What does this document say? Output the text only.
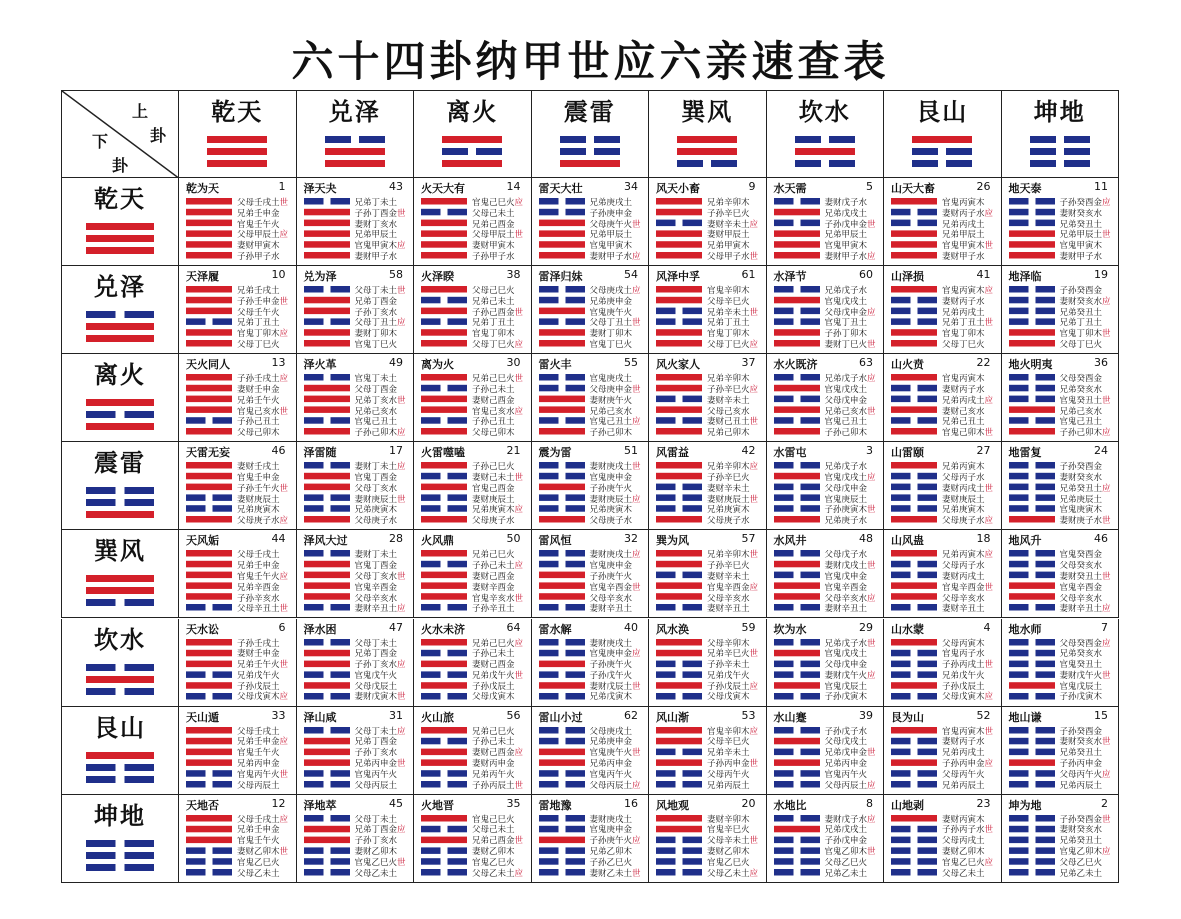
六十四卦纳甲世应六亲速查表
上
卦
下
卦
乾天	兑泽	离火	震雷	巽风	坎水	艮山	坤地
乾天	乾为天	1
父母壬戌土世
兄弟壬申金
官鬼壬午火
父母甲辰土应
妻财甲寅木
子孙甲子水
泽天夬	43
兄弟丁未土
子孙丁酉金世
妻财丁亥水
兄弟甲辰土
官鬼甲寅木应
妻财甲子水
火天大有	14
官鬼己巳火应
父母己未土
兄弟己酉金
父母甲辰土世
妻财甲寅木
子孙甲子水
雷天大壮	34
兄弟庚戌土
子孙庚申金
父母庚午火世
兄弟甲辰土
官鬼甲寅木
妻财甲子水应
风天小畜	9
兄弟辛卯木
子孙辛巳火
妻财辛未土应
妻财甲辰土
兄弟甲寅木
父母甲子水世
水天需	5
妻财戊子水
兄弟戊戌土
子孙戊申金世
兄弟甲辰土
官鬼甲寅木
妻财甲子水应
山天大畜	26
官鬼丙寅木
妻财丙子水应
兄弟丙戌土
兄弟甲辰土
官鬼甲寅木世
妻财甲子水
地天泰	11
子孙癸酉金应
妻财癸亥水
兄弟癸丑土
兄弟甲辰土世
官鬼甲寅木
妻财甲子水
兑泽	天泽履	10
兄弟壬戌土
子孙壬申金世
父母壬午火
兄弟丁丑土
官鬼丁卯木应
父母丁巳火
兑为泽	58
父母丁未土世
兄弟丁酉金
子孙丁亥水
父母丁丑土应
妻财丁卯木
官鬼丁巳火
火泽睽	38
父母己巳火
兄弟己未土
子孙己酉金世
兄弟丁丑土
官鬼丁卯木
父母丁巳火应
雷泽归妹	54
父母庚戌土应
兄弟庚申金
官鬼庚午火
父母丁丑土世
妻财丁卯木
官鬼丁巳火
风泽中孚	61
官鬼辛卯木
父母辛巳火
兄弟辛未土世
兄弟丁丑土
官鬼丁卯木
父母丁巳火应
水泽节	60
兄弟戊子水
官鬼戊戌土
父母戊申金应
官鬼丁丑土
子孙丁卯木
妻财丁巳火世
山泽损	41
官鬼丙寅木应
妻财丙子水
兄弟丙戌土
兄弟丁丑土世
官鬼丁卯木
父母丁巳火
地泽临	19
子孙癸酉金
妻财癸亥水应
兄弟癸丑土
兄弟丁丑土
官鬼丁卯木世
父母丁巳火
离火	天火同人	13
子孙壬戌土应
妻财壬申金
兄弟壬午火
官鬼己亥水世
子孙己丑土
父母己卯木
泽火革	49
官鬼丁未土
父母丁酉金
兄弟丁亥水世
兄弟己亥水
官鬼己丑土
子孙己卯木应
离为火	30
兄弟己巳火世
子孙己未土
妻财己酉金
官鬼己亥水应
子孙己丑土
父母己卯木
雷火丰	55
官鬼庚戌土
父母庚申金世
妻财庚午火
兄弟己亥水
官鬼己丑土应
子孙己卯木
风火家人	37
兄弟辛卯木
子孙辛巳火应
妻财辛未土
父母己亥水
妻财己丑土世
兄弟己卯木
水火既济	63
兄弟戊子水应
官鬼戊戌土
父母戊申金
兄弟己亥水世
官鬼己丑土
子孙己卯木
山火贲	22
官鬼丙寅木
妻财丙子水
兄弟丙戌土应
妻财己亥水
兄弟己丑土
官鬼己卯木世
地火明夷	36
父母癸酉金
兄弟癸亥水
官鬼癸丑土世
兄弟己亥水
官鬼己丑土
子孙己卯木应
震雷	天雷无妄	46
妻财壬戌土
官鬼壬申金
子孙壬午火世
妻财庚辰土
兄弟庚寅木
父母庚子水应
泽雷随	17
妻财丁未土应
官鬼丁酉金
父母丁亥水
妻财庚辰土世
兄弟庚寅木
父母庚子水
火雷噬嗑	21
子孙己巳火
妻财己未土世
官鬼己酉金
妻财庚辰土
兄弟庚寅木应
父母庚子水
震为雷	51
妻财庚戌土世
官鬼庚申金
子孙庚午火
妻财庚辰土应
兄弟庚寅木
父母庚子水
风雷益	42
兄弟辛卯木应
子孙辛巳火
妻财辛未土
妻财庚辰土世
兄弟庚寅木
父母庚子水
水雷屯	3
兄弟戊子水
官鬼戊戌土应
父母戊申金
官鬼庚辰土
子孙庚寅木世
兄弟庚子水
山雷颐	27
兄弟丙寅木
父母丙子水
妻财丙戌土世
妻财庚辰土
兄弟庚寅木
父母庚子水应
地雷复	24
子孙癸酉金
妻财癸亥水
兄弟癸丑土应
兄弟庚辰土
官鬼庚寅木
妻财庚子水世
巽风	天风姤	44
父母壬戌土
兄弟壬申金
官鬼壬午火应
兄弟辛酉金
子孙辛亥水
父母辛丑土世
泽风大过	28
妻财丁未土
官鬼丁酉金
父母丁亥水世
官鬼辛酉金
父母辛亥水
妻财辛丑土应
火风鼎	50
兄弟己巳火
子孙己未土应
妻财己酉金
妻财辛酉金
官鬼辛亥水世
子孙辛丑土
雷风恒	32
妻财庚戌土应
官鬼庚申金
子孙庚午火
官鬼辛酉金世
父母辛亥水
妻财辛丑土
巽为风	57
兄弟辛卯木世
子孙辛巳火
妻财辛未土
官鬼辛酉金应
父母辛亥水
妻财辛丑土
水风井	48
父母戊子水
妻财戊戌土世
官鬼戊申金
官鬼辛酉金
父母辛亥水应
妻财辛丑土
山风蛊	18
兄弟丙寅木应
父母丙子水
妻财丙戌土
官鬼辛酉金世
父母辛亥水
妻财辛丑土
地风升	46
官鬼癸酉金
父母癸亥水
妻财癸丑土世
官鬼辛酉金
父母辛亥水
妻财辛丑土应
坎水	天水讼	6
子孙壬戌土
妻财壬申金
兄弟壬午火世
兄弟戊午火
子孙戊辰土
父母戊寅木应
泽水困	47
父母丁未土
兄弟丁酉金
子孙丁亥水应
官鬼戊午火
父母戊辰土
妻财戊寅木世
火水未济	64
兄弟己巳火应
子孙己未土
妻财己酉金
兄弟戊午火世
子孙戊辰土
父母戊寅木
雷水解	40
妻财庚戌土
官鬼庚申金应
子孙庚午火
子孙戊午火
妻财戊辰土世
兄弟戊寅木
风水涣	59
父母辛卯木
兄弟辛巳火世
子孙辛未土
兄弟戊午火
子孙戊辰土应
父母戊寅木
坎为水	29
兄弟戊子水世
官鬼戊戌土
父母戊申金
妻财戊午火应
官鬼戊辰土
子孙戊寅木
山水蒙	4
父母丙寅木
官鬼丙子水
子孙丙戌土世
兄弟戊午火
子孙戊辰土
父母戊寅木应
地水师	7
父母癸酉金应
兄弟癸亥水
官鬼癸丑土
妻财戊午火世
官鬼戊辰土
子孙戊寅木
艮山	天山遁	33
父母壬戌土
兄弟壬申金应
官鬼壬午火
兄弟丙申金
官鬼丙午火世
父母丙辰土
泽山咸	31
父母丁未土应
兄弟丁酉金
子孙丁亥水
兄弟丙申金世
官鬼丙午火
父母丙辰土
火山旅	56
兄弟己巳火
子孙己未土
妻财己酉金应
妻财丙申金
兄弟丙午火
子孙丙辰土世
雷山小过	62
父母庚戌土
兄弟庚申金
官鬼庚午火世
兄弟丙申金
官鬼丙午火
父母丙辰土应
风山渐	53
官鬼辛卯木应
父母辛巳火
兄弟辛未土
子孙丙申金世
父母丙午火
兄弟丙辰土
水山蹇	39
子孙戊子水
父母戊戌土
兄弟戊申金世
兄弟丙申金
官鬼丙午火
父母丙辰土应
艮为山	52
官鬼丙寅木世
妻财丙子水
兄弟丙戌土
子孙丙申金应
父母丙午火
兄弟丙辰土
地山谦	15
子孙癸酉金
妻财癸亥水世
兄弟癸丑土
子孙丙申金
父母丙午火应
兄弟丙辰土
坤地	天地否	12
父母壬戌土应
兄弟壬申金
官鬼壬午火
妻财乙卯木世
官鬼乙巳火
父母乙未土
泽地萃	45
父母丁未土
兄弟丁酉金应
子孙丁亥水
妻财乙卯木
官鬼乙巳火世
父母乙未土
火地晋	35
官鬼己巳火
父母己未土
兄弟己酉金世
妻财乙卯木
官鬼乙巳火
父母乙未土应
雷地豫	16
妻财庚戌土
官鬼庚申金
子孙庚午火应
兄弟乙卯木
子孙乙巳火
妻财乙未土世
风地观	20
妻财辛卯木
官鬼辛巳火
父母辛未土世
妻财乙卯木
官鬼乙巳火
父母乙未土应
水地比	8
妻财戊子水应
兄弟戊戌土
子孙戊申金
官鬼乙卯木世
父母乙巳火
兄弟乙未土
山地剥	23
妻财丙寅木
子孙丙子水世
父母丙戌土
妻财乙卯木
官鬼乙巳火应
父母乙未土
坤为地	2
子孙癸酉金世
妻财癸亥水
兄弟癸丑土
官鬼乙卯木应
父母乙巳火
兄弟乙未土
